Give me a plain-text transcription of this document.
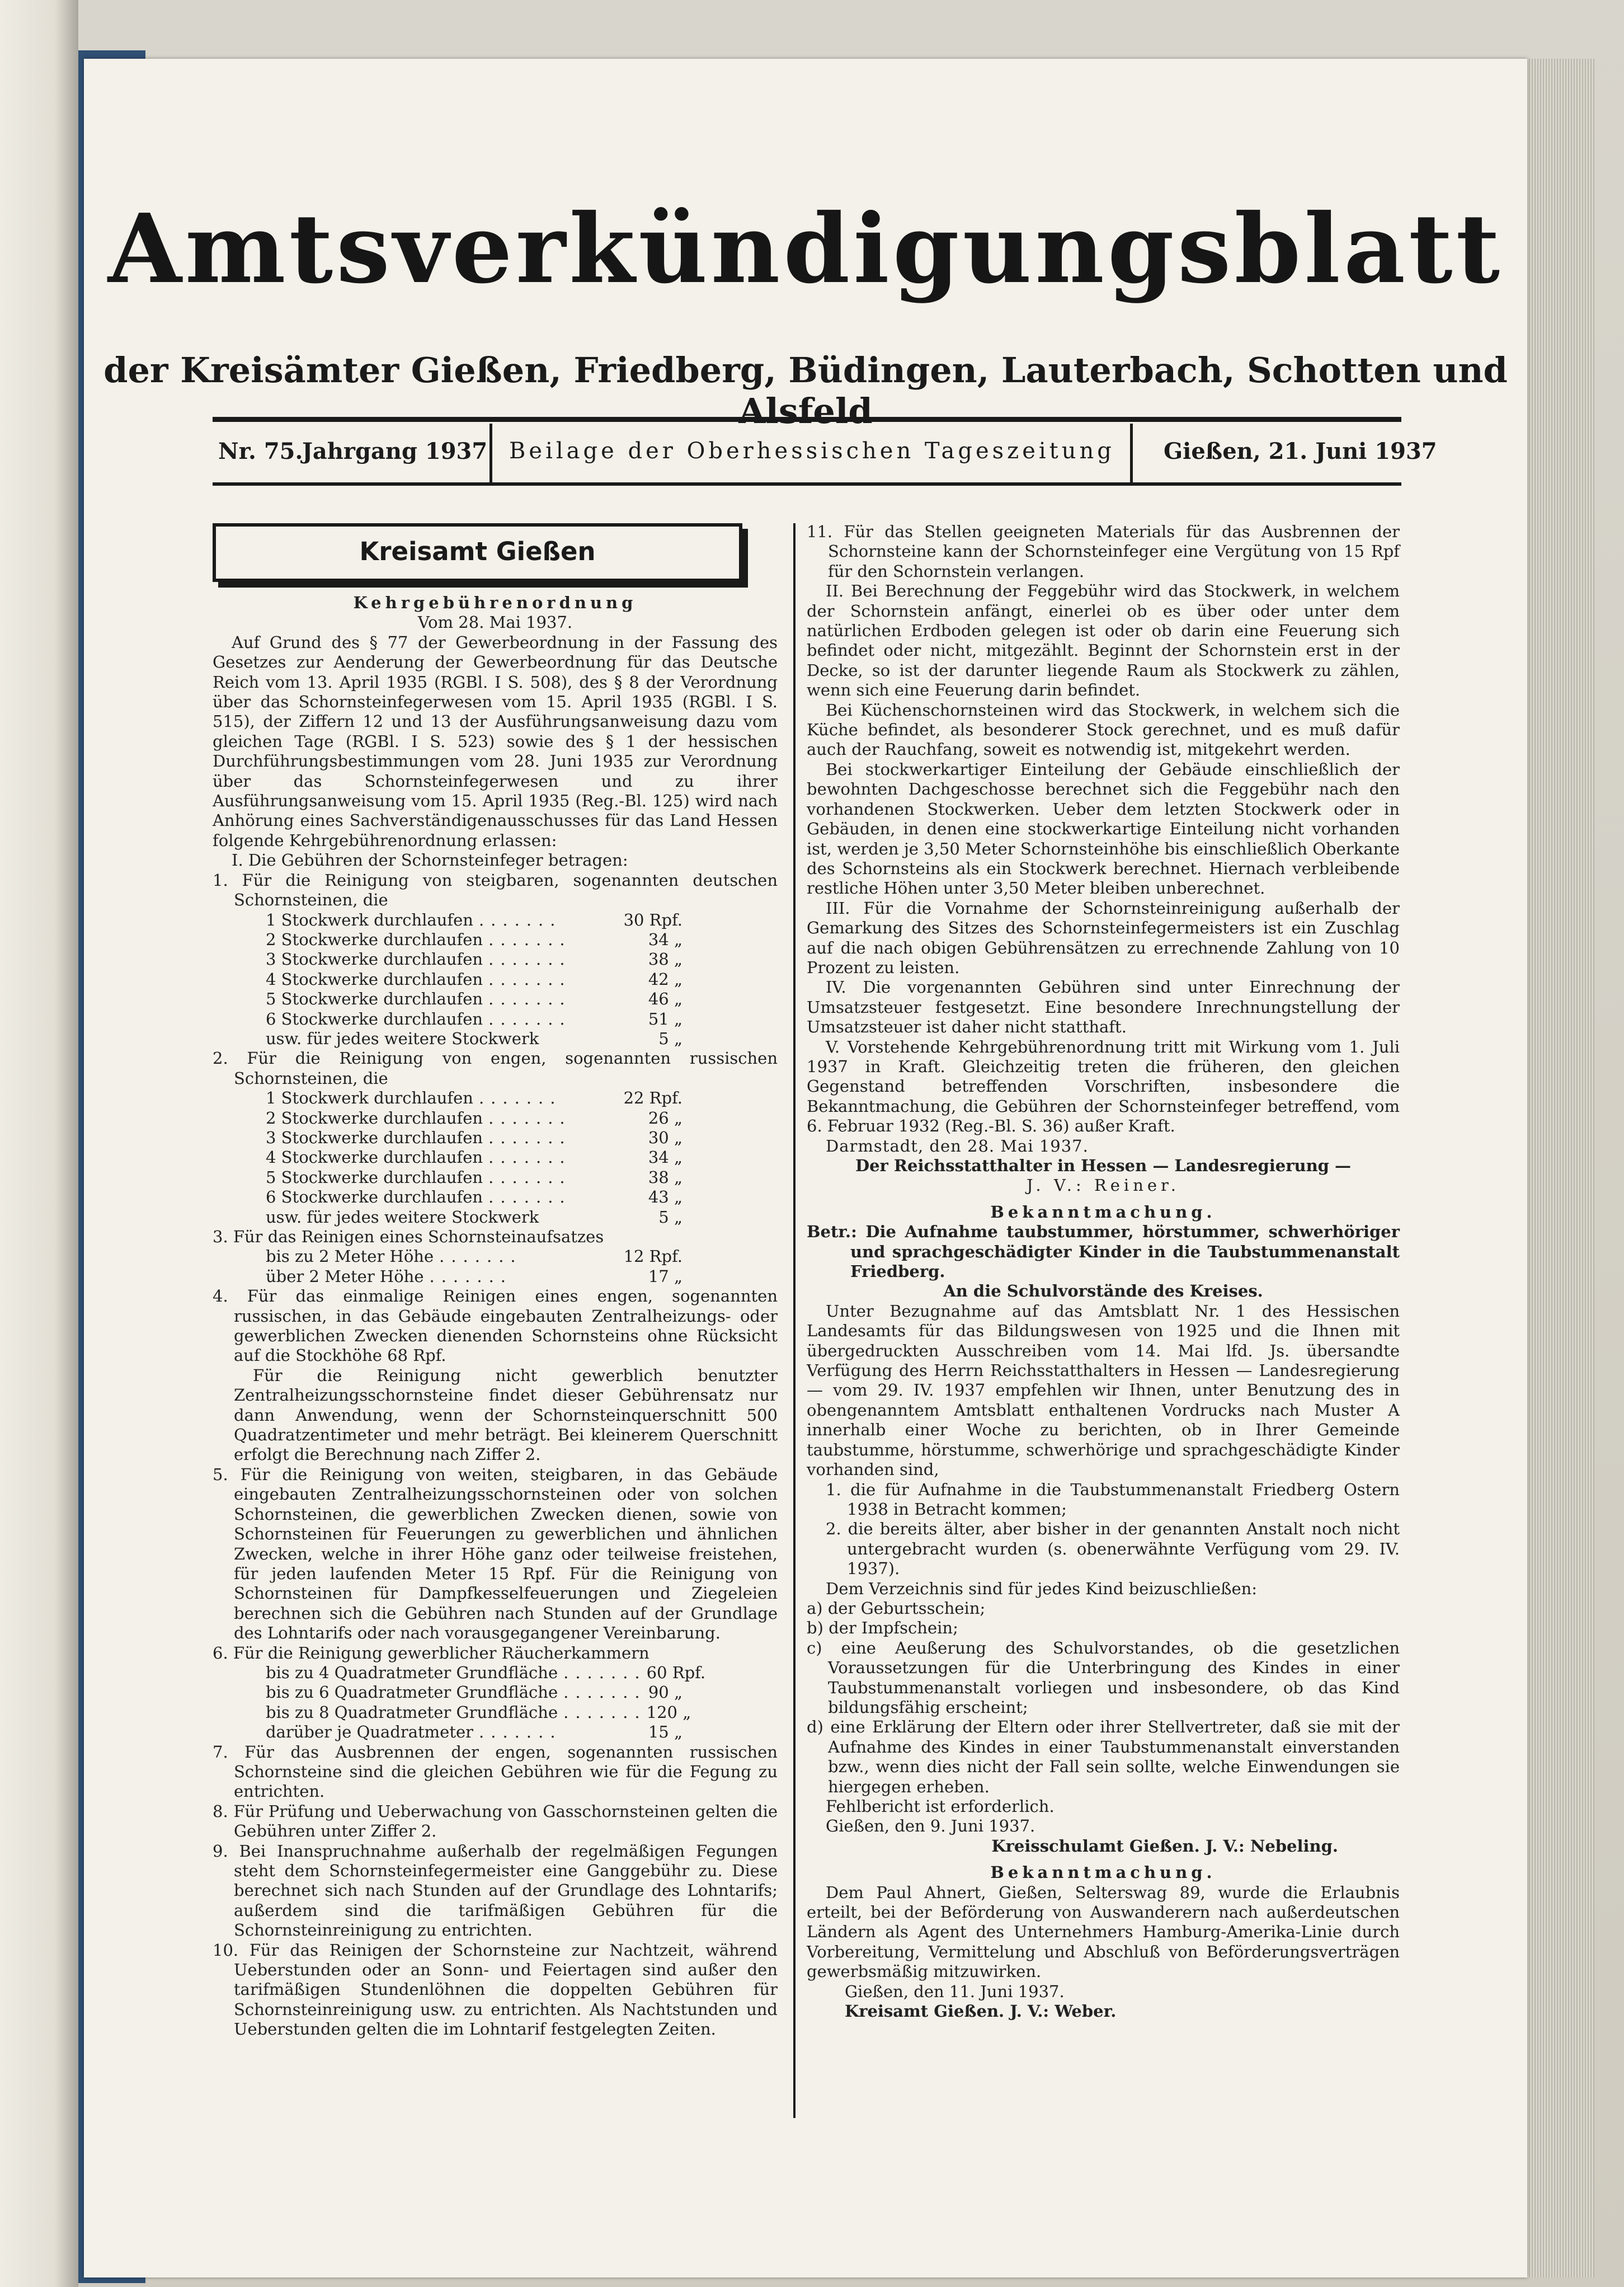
Amtsverkündigungsblatt
der Kreisämter Gießen, Friedberg, Büdingen, Lauterbach, Schotten und Alsfeld
Nr. 75.
Jahrgang 1937 Beilage der Oberhessischen Tageszeitung Gießen, 21. Juni 1937
Kreisamt Gießen

Kehrgebührenordnung

Vom 28. Mai 1937.

Auf Grund des § 77 der Gewerbeordnung in der Fassung des Gesetzes zur Aenderung der Gewerbeordnung für das Deutsche Reich vom 13. April 1935 (RGBl. I S. 508), des § 8 der Verordnung über das Schornsteinfegerwesen vom 15. April 1935 (RGBl. I S. 515), der Ziffern 12 und 13 der Ausführungsanweisung dazu vom gleichen Tage (RGBl. I S. 523) sowie des § 1 der hessischen Durchführungsbestimmungen vom 28. Juni 1935 zur Verordnung über das Schornsteinfegerwesen und zu ihrer Ausführungsanweisung vom 15. April 1935 (Reg.-Bl. 125) wird nach Anhörung eines Sachverständigenausschusses für das Land Hessen folgende Kehrgebührenordnung erlassen:

I. Die Gebühren der Schornsteinfeger betragen:

1. Für die Reinigung von steigbaren, sogenannten deutschen Schornsteinen, die

1 Stockwerk durchlaufen .......	30 Rpf.
2 Stockwerke durchlaufen .......	34 „
3 Stockwerke durchlaufen .......	38 „
4 Stockwerke durchlaufen .......	42 „
5 Stockwerke durchlaufen .......	46 „
6 Stockwerke durchlaufen .......	51 „
usw. für jedes weitere Stockwerk	5 „

2. Für die Reinigung von engen, sogenannten russischen Schornsteinen, die

1 Stockwerk durchlaufen .......	22 Rpf.
2 Stockwerke durchlaufen .......	26 „
3 Stockwerke durchlaufen .......	30 „
4 Stockwerke durchlaufen .......	34 „
5 Stockwerke durchlaufen .......	38 „
6 Stockwerke durchlaufen .......	43 „
usw. für jedes weitere Stockwerk	5 „

3. Für das Reinigen eines Schornsteinaufsatzes

bis zu 2 Meter Höhe .......	12 Rpf.
über 2 Meter Höhe .......	17 „

4. Für das einmalige Reinigen eines engen, sogenannten russischen, in das Gebäude eingebauten Zentralheizungs- oder gewerblichen Zwecken dienenden Schornsteins ohne Rücksicht auf die Stockhöhe 68 Rpf.

Für die Reinigung nicht gewerblich benutzter Zentralheizungsschornsteine findet dieser Gebührensatz nur dann Anwendung, wenn der Schornsteinquerschnitt 500 Quadratzentimeter und mehr beträgt. Bei kleinerem Querschnitt erfolgt die Berechnung nach Ziffer 2.

5. Für die Reinigung von weiten, steigbaren, in das Gebäude eingebauten Zentralheizungsschornsteinen oder von solchen Schornsteinen, die gewerblichen Zwecken dienen, sowie von Schornsteinen für Feuerungen zu gewerblichen und ähnlichen Zwecken, welche in ihrer Höhe ganz oder teilweise freistehen, für jeden laufenden Meter 15 Rpf. Für die Reinigung von Schornsteinen für Dampfkesselfeuerungen und Ziegeleien berechnen sich die Gebühren nach Stunden auf der Grundlage des Lohntarifs oder nach vorausgegangener Vereinbarung.

6. Für die Reinigung gewerblicher Räucherkammern

bis zu 4 Quadratmeter Grundfläche ....... 60 Rpf.
bis zu 6 Quadratmeter Grundfläche ....... 90 „
bis zu 8 Quadratmeter Grundfläche ....... 120 „
darüber je Quadratmeter .......	15 „

7. Für das Ausbrennen der engen, sogenannten russischen Schornsteine sind die gleichen Gebühren wie für die Fegung zu entrichten.

8. Für Prüfung und Ueberwachung von Gasschornsteinen gelten die Gebühren unter Ziffer 2.

9. Bei Inanspruchnahme außerhalb der regelmäßigen Fegungen steht dem Schornsteinfegermeister eine Ganggebühr zu. Diese berechnet sich nach Stunden auf der Grundlage des Lohntarifs; außerdem sind die tarifmäßigen Gebühren für die Schornsteinreinigung zu entrichten.

10. Für das Reinigen der Schornsteine zur Nachtzeit, während Ueberstunden oder an Sonn- und Feiertagen sind außer den tarifmäßigen Stundenlöhnen die doppelten Gebühren für Schornsteinreinigung usw. zu entrichten. Als Nachtstunden und Ueberstunden gelten die im Lohntarif festgelegten Zeiten.

11. Für das Stellen geeigneten Materials für das Ausbrennen der Schornsteine kann der Schornsteinfeger eine Vergütung von 15 Rpf für den Schornstein verlangen.

II. Bei Berechnung der Feggebühr wird das Stockwerk, in welchem der Schornstein anfängt, einerlei ob es über oder unter dem natürlichen Erdboden gelegen ist oder ob darin eine Feuerung sich befindet oder nicht, mitgezählt. Beginnt der Schornstein erst in der Decke, so ist der darunter liegende Raum als Stockwerk zu zählen, wenn sich eine Feuerung darin befindet.

Bei Küchenschornsteinen wird das Stockwerk, in welchem sich die Küche befindet, als besonderer Stock gerechnet, und es muß dafür auch der Rauchfang, soweit es notwendig ist, mitgekehrt werden.

Bei stockwerkartiger Einteilung der Gebäude einschließlich der bewohnten Dachgeschosse berechnet sich die Feggebühr nach den vorhandenen Stockwerken. Ueber dem letzten Stockwerk oder in Gebäuden, in denen eine stockwerkartige Einteilung nicht vorhanden ist, werden je 3,50 Meter Schornsteinhöhe bis einschließlich Oberkante des Schornsteins als ein Stockwerk berechnet. Hiernach verbleibende restliche Höhen unter 3,50 Meter bleiben unberechnet.

III. Für die Vornahme der Schornsteinreinigung außerhalb der Gemarkung des Sitzes des Schornsteinfegermeisters ist ein Zuschlag auf die nach obigen Gebührensätzen zu errechnende Zahlung von 10 Prozent zu leisten.

IV. Die vorgenannten Gebühren sind unter Einrechnung der Umsatzsteuer festgesetzt. Eine besondere Inrechnungstellung der Umsatzsteuer ist daher nicht statthaft.

V. Vorstehende Kehrgebührenordnung tritt mit Wirkung vom 1. Juli 1937 in Kraft. Gleichzeitig treten die früheren, den gleichen Gegenstand betreffenden Vorschriften, insbesondere die Bekanntmachung, die Gebühren der Schornsteinfeger betreffend, vom 6. Februar 1932 (Reg.-Bl. S. 36) außer Kraft.

Darmstadt, den 28. Mai 1937.

Der Reichsstatthalter in Hessen — Landesregierung —

J. V.: Reiner.

Bekanntmachung.

Betr.: Die Aufnahme taubstummer, hörstummer, schwerhöriger und sprachgeschädigter Kinder in die Taubstummenanstalt Friedberg.

An die Schulvorstände des Kreises.

Unter Bezugnahme auf das Amtsblatt Nr. 1 des Hessischen Landesamts für das Bildungswesen von 1925 und die Ihnen mit übergedruckten Ausschreiben vom 14. Mai lfd. Js. übersandte Verfügung des Herrn Reichsstatthalters in Hessen — Landesregierung — vom 29. IV. 1937 empfehlen wir Ihnen, unter Benutzung des in obengenanntem Amtsblatt enthaltenen Vordrucks nach Muster A innerhalb einer Woche zu berichten, ob in Ihrer Gemeinde taubstumme, hörstumme, schwerhörige und sprachgeschädigte Kinder vorhanden sind,

1. die für Aufnahme in die Taubstummenanstalt Friedberg Ostern 1938 in Betracht kommen;

2. die bereits älter, aber bisher in der genannten Anstalt noch nicht untergebracht wurden (s. obenerwähnte Verfügung vom 29. IV. 1937).

Dem Verzeichnis sind für jedes Kind beizuschließen:

a) der Geburtsschein;

b) der Impfschein;

c) eine Aeußerung des Schulvorstandes, ob die gesetzlichen Voraussetzungen für die Unterbringung des Kindes in einer Taubstummenanstalt vorliegen und insbesondere, ob das Kind bildungsfähig erscheint;

d) eine Erklärung der Eltern oder ihrer Stellvertreter, daß sie mit der Aufnahme des Kindes in einer Taubstummenanstalt einverstanden bzw., wenn dies nicht der Fall sein sollte, welche Einwendungen sie hiergegen erheben.

Fehlbericht ist erforderlich.

Gießen, den 9. Juni 1937.

Kreisschulamt Gießen. J. V.: Nebeling.

Bekanntmachung.

Dem Paul Ahnert, Gießen, Selterswag 89, wurde die Erlaubnis erteilt, bei der Beförderung von Auswanderern nach außerdeutschen Ländern als Agent des Unternehmers Hamburg-Amerika-Linie durch Vorbereitung, Vermittelung und Abschluß von Beförderungsverträgen gewerbsmäßig mitzuwirken.

Gießen, den 11. Juni 1937.

Kreisamt Gießen. J. V.: Weber.
